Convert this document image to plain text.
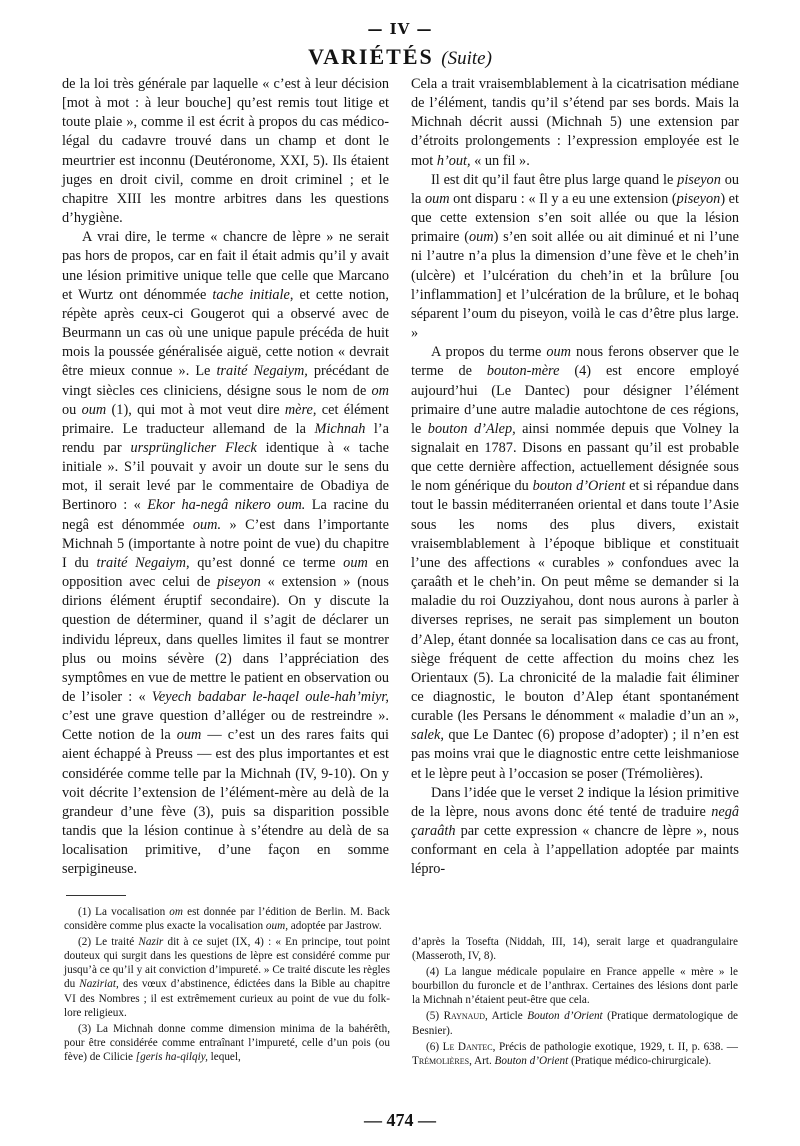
— IV —
VARIÉTÉS (Suite)

de la loi très générale par laquelle « c’est à leur décision [mot à mot : à leur bouche] qu’est remis tout litige et toute plaie », comme il est écrit à propos du cas médico-légal du cadavre trouvé dans un champ et dont le meurtrier est inconnu (Deutéronome, XXI, 5). Ils étaient juges en droit civil, comme en droit criminel ; et le chapitre XIII les montre arbitres dans les questions d’hygiène.

A vrai dire, le terme « chancre de lèpre » ne serait pas hors de propos, car en fait il était admis qu’il y avait une lésion primitive unique telle que celle que Marcano et Wurtz ont dénommée tache initiale, et cette notion, répète après ceux-ci Gougerot qui a observé avec de Beurmann un cas où une unique papule précéda de huit mois la poussée généralisée aiguë, cette notion « devrait être mieux connue ». Le traité Negaiym, précédant de vingt siècles ces cliniciens, désigne sous le nom de om ou oum (1), qui mot à mot veut dire mère, cet élément primaire. Le traducteur allemand de la Michnah l’a rendu par ursprünglicher Fleck identique à « tache initiale ». S’il pouvait y avoir un doute sur le sens du mot, il serait levé par le commentaire de Obadiya de Bertinoro : « Ekor ha-negâ nikero oum. La racine du negâ est dénommée oum. » C’est dans l’importante Michnah 5 (importante à notre point de vue) du chapitre I du traité Negaiym, qu’est donné ce terme oum en opposition avec celui de piseyon « extension » (nous dirions élément éruptif secondaire). On y discute la question de déterminer, quand il s’agit de déclarer un individu lépreux, dans quelles limites il faut se montrer plus ou moins sévère (2) dans l’appréciation des symptômes en vue de mettre le patient en observation ou de l’isoler : « Veyech badabar le-haqel oule-hah’miyr, c’est une grave question d’alléger ou de restreindre ». Cette notion de la oum — c’est un des rares faits qui aient échappé à Preuss — est des plus importantes et est considérée comme telle par la Michnah (IV, 9-10). On y voit décrite l’extension de l’élément-mère au delà de la grandeur d’une fève (3), puis sa disparition possible tandis que la lésion continue à s’étendre au delà de sa localisation primitive, d’une façon en somme serpigineuse.

Cela a trait vraisemblablement à la cicatrisation médiane de l’élément, tandis qu’il s’étend par ses bords. Mais la Michnah décrit aussi (Michnah 5) une extension par d’étroits prolongements : l’expression employée est le mot h’out, « un fil ».

Il est dit qu’il faut être plus large quand le piseyon ou la oum ont disparu : « Il y a eu une extension (piseyon) et que cette extension s’en soit allée ou que la lésion primaire (oum) s’en soit allée ou ait diminué et ni l’une ni l’autre n’a plus la dimension d’une fève et le cheh’in (ulcère) et l’ulcération du cheh’in et la brûlure [ou l’inflammation] et l’ulcération de la brûlure, et le bohaq séparent l’oum du piseyon, voilà le cas d’être plus large. »

A propos du terme oum nous ferons observer que le terme de bouton-mère (4) est encore employé aujourd’hui (Le Dantec) pour désigner l’élément primaire d’une autre maladie autochtone de ces régions, le bouton d’Alep, ainsi nommée depuis que Volney la signalait en 1787. Disons en passant qu’il est probable que cette dernière affection, actuellement désignée sous le nom générique du bouton d’Orient et si répandue dans tout le bassin méditerranéen oriental et dans toute l’Asie sous les noms des plus divers, existait vraisemblablement à l’époque biblique et constituait l’une des affections « curables » confondues avec la çaraâth et le cheh’in. On peut même se demander si la maladie du roi Ouzziyahou, dont nous aurons à parler à diverses reprises, ne serait pas simplement un bouton d’Alep, étant donnée sa localisation dans ce cas au front, siège fréquent de cette affection du moins chez les Orientaux (5). La chronicité de la maladie fait éliminer ce diagnostic, le bouton d’Alep étant spontanément curable (les Persans le dénomment « maladie d’un an », salek, que Le Dantec (6) propose d’adopter) ; il n’en est pas moins vrai que le diagnostic entre cette leishmaniose et le lèpre peut à l’occasion se poser (Trémolières).

Dans l’idée que le verset 2 indique la lésion primitive de la lèpre, nous avons donc été tenté de traduire negâ çaraâth par cette expression « chancre de lèpre », nous conformant en cela à l’appellation adoptée par maints lépro-

(1) La vocalisation om est donnée par l’édition de Berlin. M. Back considère comme plus exacte la vocalisation oum, adoptée par Jastrow.

(2) Le traité Nazir dit à ce sujet (IX, 4) : « En principe, tout point douteux qui surgit dans les questions de lèpre est considéré comme pur jusqu’à ce qu’il y ait conviction d’impureté. » Ce traité discute les règles du Naziriat, des vœux d’abstinence, édictées dans la Bible au chapitre VI des Nombres ; il est extrêmement curieux au point de vue du folk-lore religieux.

(3) La Michnah donne comme dimension minima de la bahérêth, pour être considérée comme entraînant l’impureté, celle d’un pois (ou fève) de Cilicie [geris ha-qilqiy, lequel,

d’après la Tosefta (Niddah, III, 14), serait large et quadrangulaire (Masseroth, IV, 8).

(4) La langue médicale populaire en France appelle « mère » le bourbillon du furoncle et de l’anthrax. Certaines des lésions dont parle la Michnah n’étaient peut-être que cela.

(5) Raynaud, Article Bouton d’Orient (Pratique dermatologique de Besnier).

(6) Le Dantec, Précis de pathologie exotique, 1929, t. II, p. 638. — Trémolières, Art. Bouton d’Orient (Pratique médico-chirurgicale).

— 474 —
